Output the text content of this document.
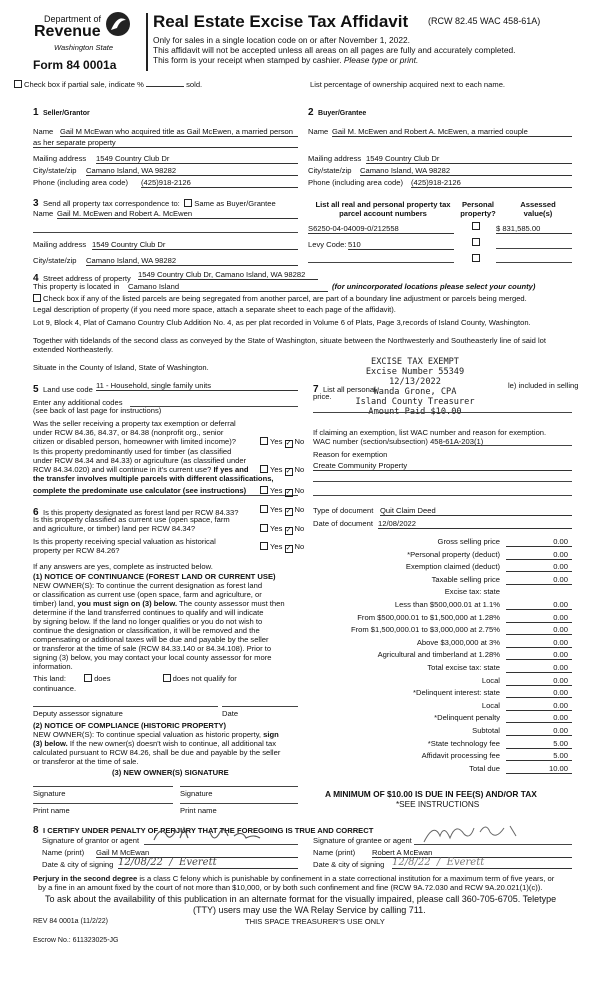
Department of
Revenue
Washington State
Form 84 0001a
Real Estate Excise Tax Affidavit (RCW 82.45 WAC 458-61A)
Only for sales in a single location code on or after November 1, 2022.
This affidavit will not be accepted unless all areas on all pages are fully and accurately completed.
This form is your receipt when stamped by cashier. Please type or print.
Check box if partial sale, indicate %	sold.	List percentage of ownership acquired next to each name.
1 Seller/Grantor	2 Buyer/Grantee
Name Gail M McEwan who acquired title as Gail McEwen, a married person
as her separate property
Mailing address 1549 Country Club Dr
City/state/zip Camano Island, WA 98282
Phone (including area code) (425)918-2126
Name Gail M. McEwen and Robert A. McEwen, a married couple
Mailing address 1549 Country Club Dr
City/state/zip Camano Island, WA 98282
Phone (including area code) (425)918-2126
3 Send all property tax correspondence to: Same as Buyer/Grantee
Name Gail M. McEwen and Robert A. McEwen
Mailing address 1549 Country Club Dr
City/state/zip Camano Island, WA 98282
List all real and personal property tax parcel account numbers
Personal property?
Assessed value(s)
S6250-04-04009-0/212558	$ 831,585.00
Levy Code: 510
4 Street address of property 1549 Country Club Dr, Camano Island, WA 98282
This property is located in Camano Island	(for unincorporated locations please select your county)
Check box if any of the listed parcels are being segregated from another parcel, are part of a boundary line adjustment or parcels being merged.
Legal description of property (if you need more space, attach a separate sheet to each page of the affidavit).
Lot 9, Block 4, Plat of Camano Country Club Addition No. 4, as per plat recorded in Volume 6 of Plats, Page 3,records of Island County, Washington.
Together with tidelands of the second class as conveyed by the State of Washington, situate between the Northwesterly and Southeasterly line of said lot
extended Northeasterly.
Situate in the County of Island, State of Washington.
EXCISE TAX EXEMPT
Excise Number 55349
12/13/2022
Wanda Grone, CPA
Island County Treasurer
Amount Paid $10.00
5 Land use code 11 - Household, single family units
Enter any additional codes
(see back of last page for instructions)
Was the seller receiving a property tax exemption or deferral
under RCW 84.36, 84.37, or 84.38 (nonprofit org., senior
citizen or disabled person, homeowner with limited income)?	Yes ✓ No
Is this property predominantly used for timber (as classified
under RCW 84.34 and 84.33) or agriculture (as classified under
RCW 84.34.020) and will continue in it's current use? If yes and
the transfer involves multiple parcels with different classifications,
complete the predominate use calculator (see instructions)
Yes ✓ No
Yes ✓ No
7 List all personal	le) included in selling
price.
If claiming an exemption, list WAC number and reason for exemption.
WAC number (section/subsection) 458-61A-203(1)
Reason for exemption
Create Community Property
6 Is this property designated as forest land per RCW 84.33?	Yes ✓ No
Is this property classified as current use (open space, farm
and agriculture, or timber) land per RCW 84.34?	Yes ✓ No
Is this property receiving special valuation as historical
property per RCW 84.26?	Yes ✓ No
If any answers are yes, complete as instructed below.
(1) NOTICE OF CONTINUANCE (FOREST LAND OR CURRENT USE)
NEW OWNER(S): To continue the current designation as forest land
or classification as current use (open space, farm and agriculture, or
timber) land, you must sign on (3) below. The county assessor must then
determine if the land transferred continues to qualify and will indicate
by signing below. If the land no longer qualifies or you do not wish to
continue the designation or classification, it will be removed and the
compensating or additional taxes will be due and payable by the seller
or transferor at the time of sale (RCW 84.33.140 or 84.34.108). Prior to
signing (3) below, you may contact your local county assessor for more
information.
This land:	does	does not qualify for
continuance.
Deputy assessor signature	Date
(2) NOTICE OF COMPLIANCE (HISTORIC PROPERTY)
NEW OWNER(S): To continue special valuation as historic property, sign
(3) below. If the new owner(s) doesn't wish to continue, all additional tax
calculated pursuant to RCW 84.26, shall be due and payable by the seller
or transferor at the time of sale.
(3) NEW OWNER(S) SIGNATURE
Signature	Signature
Print name	Print name
Type of document Quit Claim Deed
Date of document 12/08/2022
Gross selling price	0.00
*Personal property (deduct)	0.00
Exemption claimed (deduct)	0.00
Taxable selling price	0.00
Excise tax: state
Less than $500,000.01 at 1.1%	0.00
From $500,000.01 to $1,500,000 at 1.28%	0.00
From $1,500,000.01 to $3,000,000 at 2.75%	0.00
Above $3,000,000 at 3%	0.00
Agricultural and timberland at 1.28%	0.00
Total excise tax: state	0.00
Local	0.00
*Delinquent interest: state	0.00
Local	0.00
*Delinquent penalty	0.00
Subtotal	0.00
*State technology fee	5.00
Affidavit processing fee	5.00
Total due	10.00
A MINIMUM OF $10.00 IS DUE IN FEE(S) AND/OR TAX
*SEE INSTRUCTIONS
8 I CERTIFY UNDER PENALTY OF PERJURY THAT THE FOREGOING IS TRUE AND CORRECT
Signature of grantor or agent
Name (print) Gail M McEwan
Date & city of signing 12/08/22  /  Everett
Signature of grantee or agent
Name (print) Robert A McEwan
Date & city of signing 12/8/22  /  Everett
Perjury in the second degree is a class C felony which is punishable by confinement in a state correctional institution for a maximum term of five years, or
by a fine in an amount fixed by the court of not more than $10,000, or by both such confinement and fine (RCW 9A.72.030 and RCW 9A.20.021(1)(c)).
To ask about the availability of this publication in an alternate format for the visually impaired, please call 360-705-6705. Teletype
(TTY) users may use the WA Relay Service by calling 711.
REV 84 0001a (11/2/22)	THIS SPACE TREASURER'S USE ONLY
Escrow No.: 611323025-JG
